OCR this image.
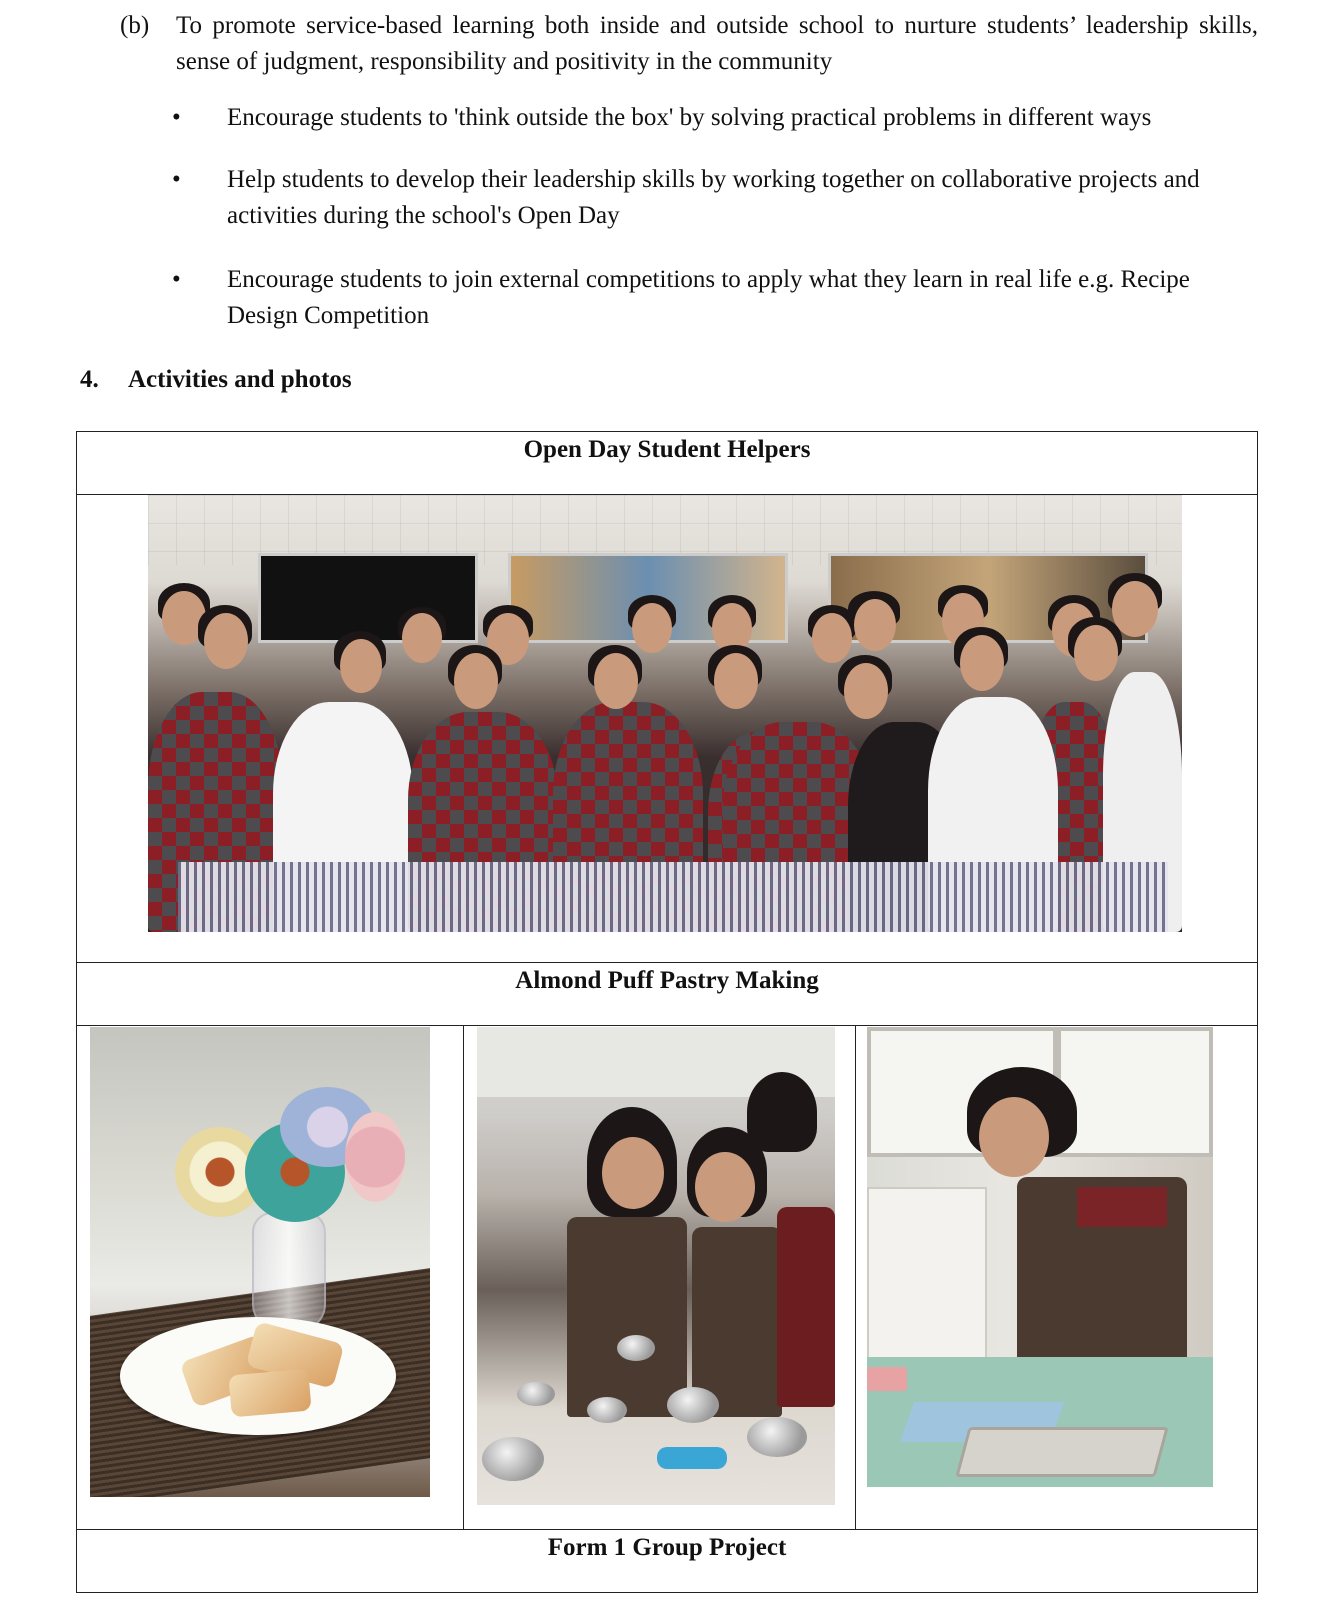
(b) To promote service-based learning both inside and outside school to nurture students’ leadership skills, sense of judgment, responsibility and positivity in the community
• Encourage students to 'think outside the box' by solving practical problems in different ways
• Help students to develop their leadership skills by working together on collaborative projects and activities during the school's Open Day
• Encourage students to join external competitions to apply what they learn in real life e.g. Recipe Design Competition
4. Activities and photos
Open Day Student Helpers

Almond Puff Pastry Making

Form 1 Group Project
